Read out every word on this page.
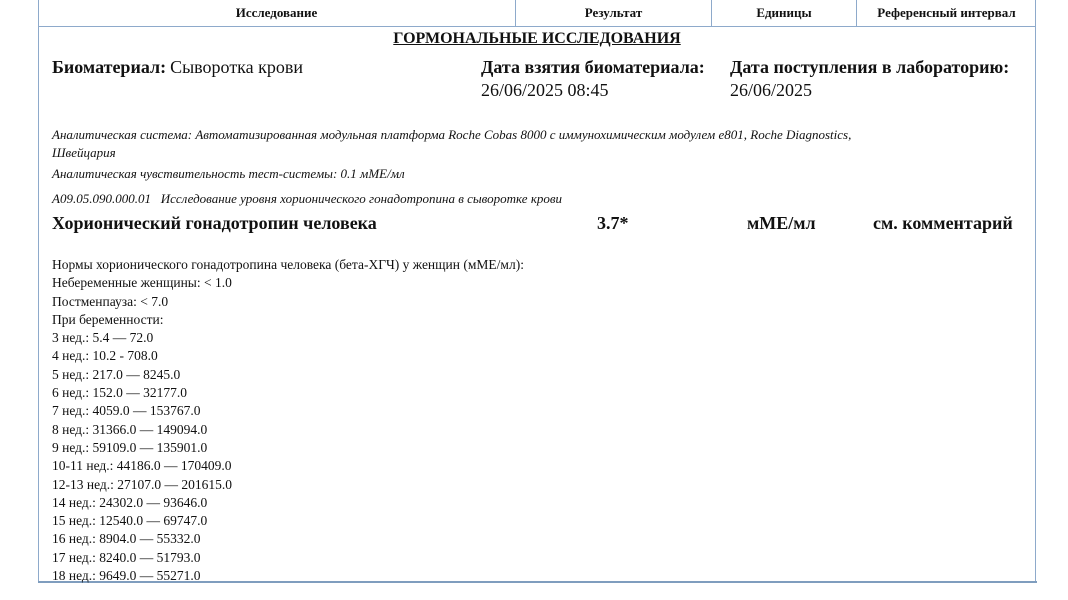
Исследование	Результат	Единицы	Референсный интервал
ГОРМОНАЛЬНЫЕ ИССЛЕДОВАНИЯ
Биоматериал: Сыворотка крови	Дата взятия биоматериала:
26/06/2025 08:45
Дата поступления в лабораторию:
26/06/2025
Аналитическая система: Автоматизированная модульная платформа Roche Cobas 8000 с иммунохимическим модулем е801, Roche Diagnostics,
Швейцария
Аналитическая чувствительность тест-системы: 0.1 мМЕ/мл
A09.05.090.000.01 Исследование уровня хорионического гонадотропина в сыворотке крови
Хорионический гонадотропин человека	3.7*	мМЕ/мл	см. комментарий
Нормы хорионического гонадотропина человека (бета-ХГЧ) у женщин (мМЕ/мл):
Небеременные женщины: < 1.0
Постменпауза: < 7.0
При беременности:
3 нед.: 5.4 — 72.0
4 нед.: 10.2 - 708.0
5 нед.: 217.0 — 8245.0
6 нед.: 152.0 — 32177.0
7 нед.: 4059.0 — 153767.0
8 нед.: 31366.0 — 149094.0
9 нед.: 59109.0 — 135901.0
10-11 нед.: 44186.0 — 170409.0
12-13 нед.: 27107.0 — 201615.0
14 нед.: 24302.0 — 93646.0
15 нед.: 12540.0 — 69747.0
16 нед.: 8904.0 — 55332.0
17 нед.: 8240.0 — 51793.0
18 нед.: 9649.0 — 55271.0
